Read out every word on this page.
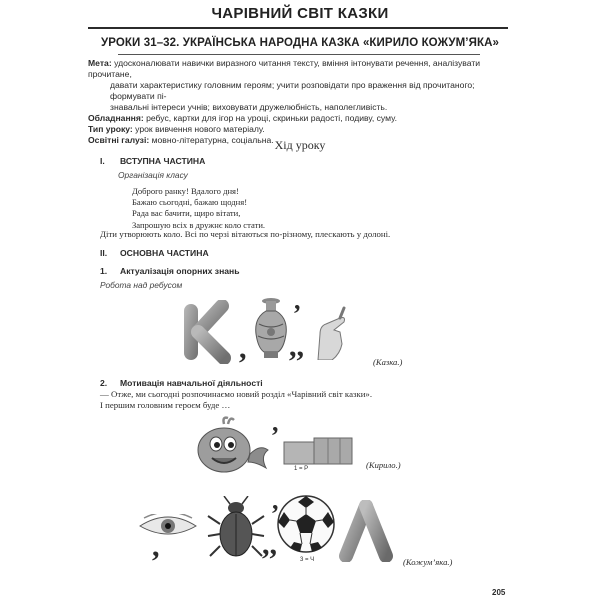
ЧАРІВНИЙ СВІТ КАЗКИ
УРОКИ 31–32. УКРАЇНСЬКА НАРОДНА КАЗКА «КИРИЛО КОЖУМ’ЯКА»
Мета: удосконалювати навички виразного читання тексту, вміння інтонувати речення, аналізувати прочитане,
давати характеристику головним героям; учити розповідати про враження від прочитаного; формувати пі-
знавальні інтереси учнів; виховувати дружелюбність, наполегливість.
Обладнання: ребус, картки для ігор на уроці, скриньки радості, подиву, суму.
Тип уроку: урок вивчення нового матеріалу.
Освітні галузі: мовно-літературна, соціальна. Хід уроку
I. ВСТУПНА ЧАСТИНА
Організація класу
Доброго ранку! Вдалого дня!
Бажаю сьогодні, бажаю щодня!
Рада вас бачити, щиро вітати,
Запрошую всіх в дружнє коло стати.
Діти утворюють коло. Всі по черзі вітаються по-різному, плескають у долоні.
II. ОСНОВНА ЧАСТИНА
1. Актуалізація опорних знань
Робота над ребусом
,
,
,,	(Казка.)
2. Мотивація навчальної діяльності
— Отже, ми сьогодні розпочинаємо новий розділ «Чарівний світ казки».
І першим головним героєм буде …
,
1 = Р	(Кирило.)
,
,
,,	3 = Ч	(Кожум’яка.)
205
